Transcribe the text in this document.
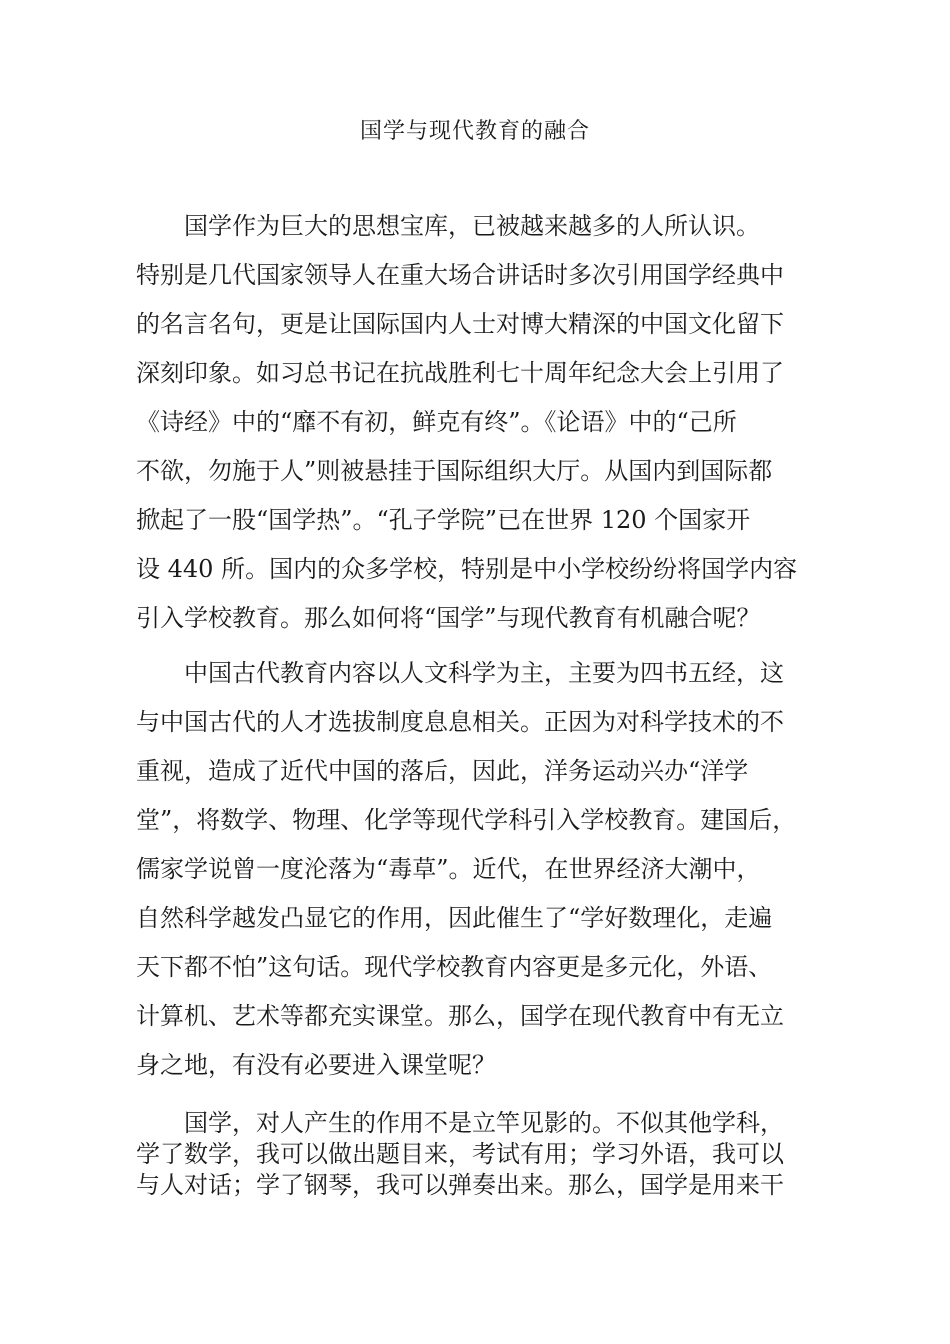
国学与现代教育的融合
　　国学作为巨大的思想宝库，已被越来越多的人所认识。
特别是几代国家领导人在重大场合讲话时多次引用国学经典中
的名言名句，更是让国际国内人士对博大精深的中国文化留下
深刻印象。如习总书记在抗战胜利七十周年纪念大会上引用了
《诗经》中的“靡不有初，鲜克有终”。《论语》中的“己所
不欲，勿施于人”则被悬挂于国际组织大厅。从国内到国际都
掀起了一股“国学热”。“孔子学院”已在世界 120 个国家开
设 440 所。国内的众多学校，特别是中小学校纷纷将国学内容
引入学校教育。那么如何将“国学”与现代教育有机融合呢？
　　中国古代教育内容以人文科学为主，主要为四书五经，这
与中国古代的人才选拔制度息息相关。正因为对科学技术的不
重视，造成了近代中国的落后，因此，洋务运动兴办“洋学
堂”，将数学、物理、化学等现代学科引入学校教育。建国后，
儒家学说曾一度沦落为“毒草”。近代，在世界经济大潮中，
自然科学越发凸显它的作用，因此催生了“学好数理化，走遍
天下都不怕”这句话。现代学校教育内容更是多元化，外语、
计算机、艺术等都充实课堂。那么，国学在现代教育中有无立
身之地，有没有必要进入课堂呢？
　　国学，对人产生的作用不是立竿见影的。不似其他学科，
学了数学，我可以做出题目来，考试有用；学习外语，我可以
与人对话；学了钢琴，我可以弹奏出来。那么，国学是用来干
